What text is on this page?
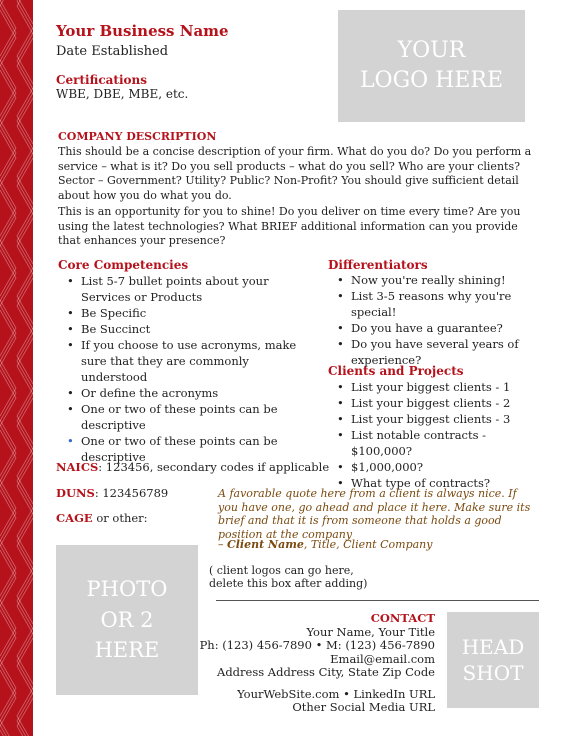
Your Business Name
Date Established
Certifications
WBE, DBE, MBE, etc.
YOUR
LOGO HERE
COMPANY DESCRIPTION
This should be a concise description of your firm. What do you do? Do you perform a service – what is it? Do you sell products – what do you sell? Who are your clients? Sector – Government? Utility? Public? Non-Profit? You should give sufficient detail about how you do what you do.
This is an opportunity for you to shine! Do you deliver on time every time? Are you using the latest technologies? What BRIEF additional information can you provide that enhances your presence?
Core Competencies
• List 5-7 bullet points about your Services or Products
• Be Specific
• Be Succinct
• If you choose to use acronyms, make sure that they are commonly understood
• Or define the acronyms
• One or two of these points can be descriptive
• One or two of these points can be descriptive
Differentiators
• Now you're really shining!
• List 3-5 reasons why you're special!
• Do you have a guarantee?
• Do you have several years of experience?
Clients and Projects
• List your biggest clients - 1
• List your biggest clients - 2
• List your biggest clients - 3
• List notable contracts - $100,000?
• $1,000,000?
• What type of contracts?
NAICS: 123456, secondary codes if applicable
DUNS: 123456789
CAGE or other:
A favorable quote here from a client is always nice. If you have one, go ahead and place it here. Make sure its brief and that it is from someone that holds a good position at the company
– Client Name, Title, Client Company
PHOTO
OR 2
HERE
( client logos can go here,
delete this box after adding)
CONTACT
Your Name, Your Title
Ph: (123) 456-7890 • M: (123) 456-7890
Email@email.com
Address Address City, State Zip Code
YourWebSite.com • LinkedIn URL
Other Social Media URL
HEAD
SHOT
